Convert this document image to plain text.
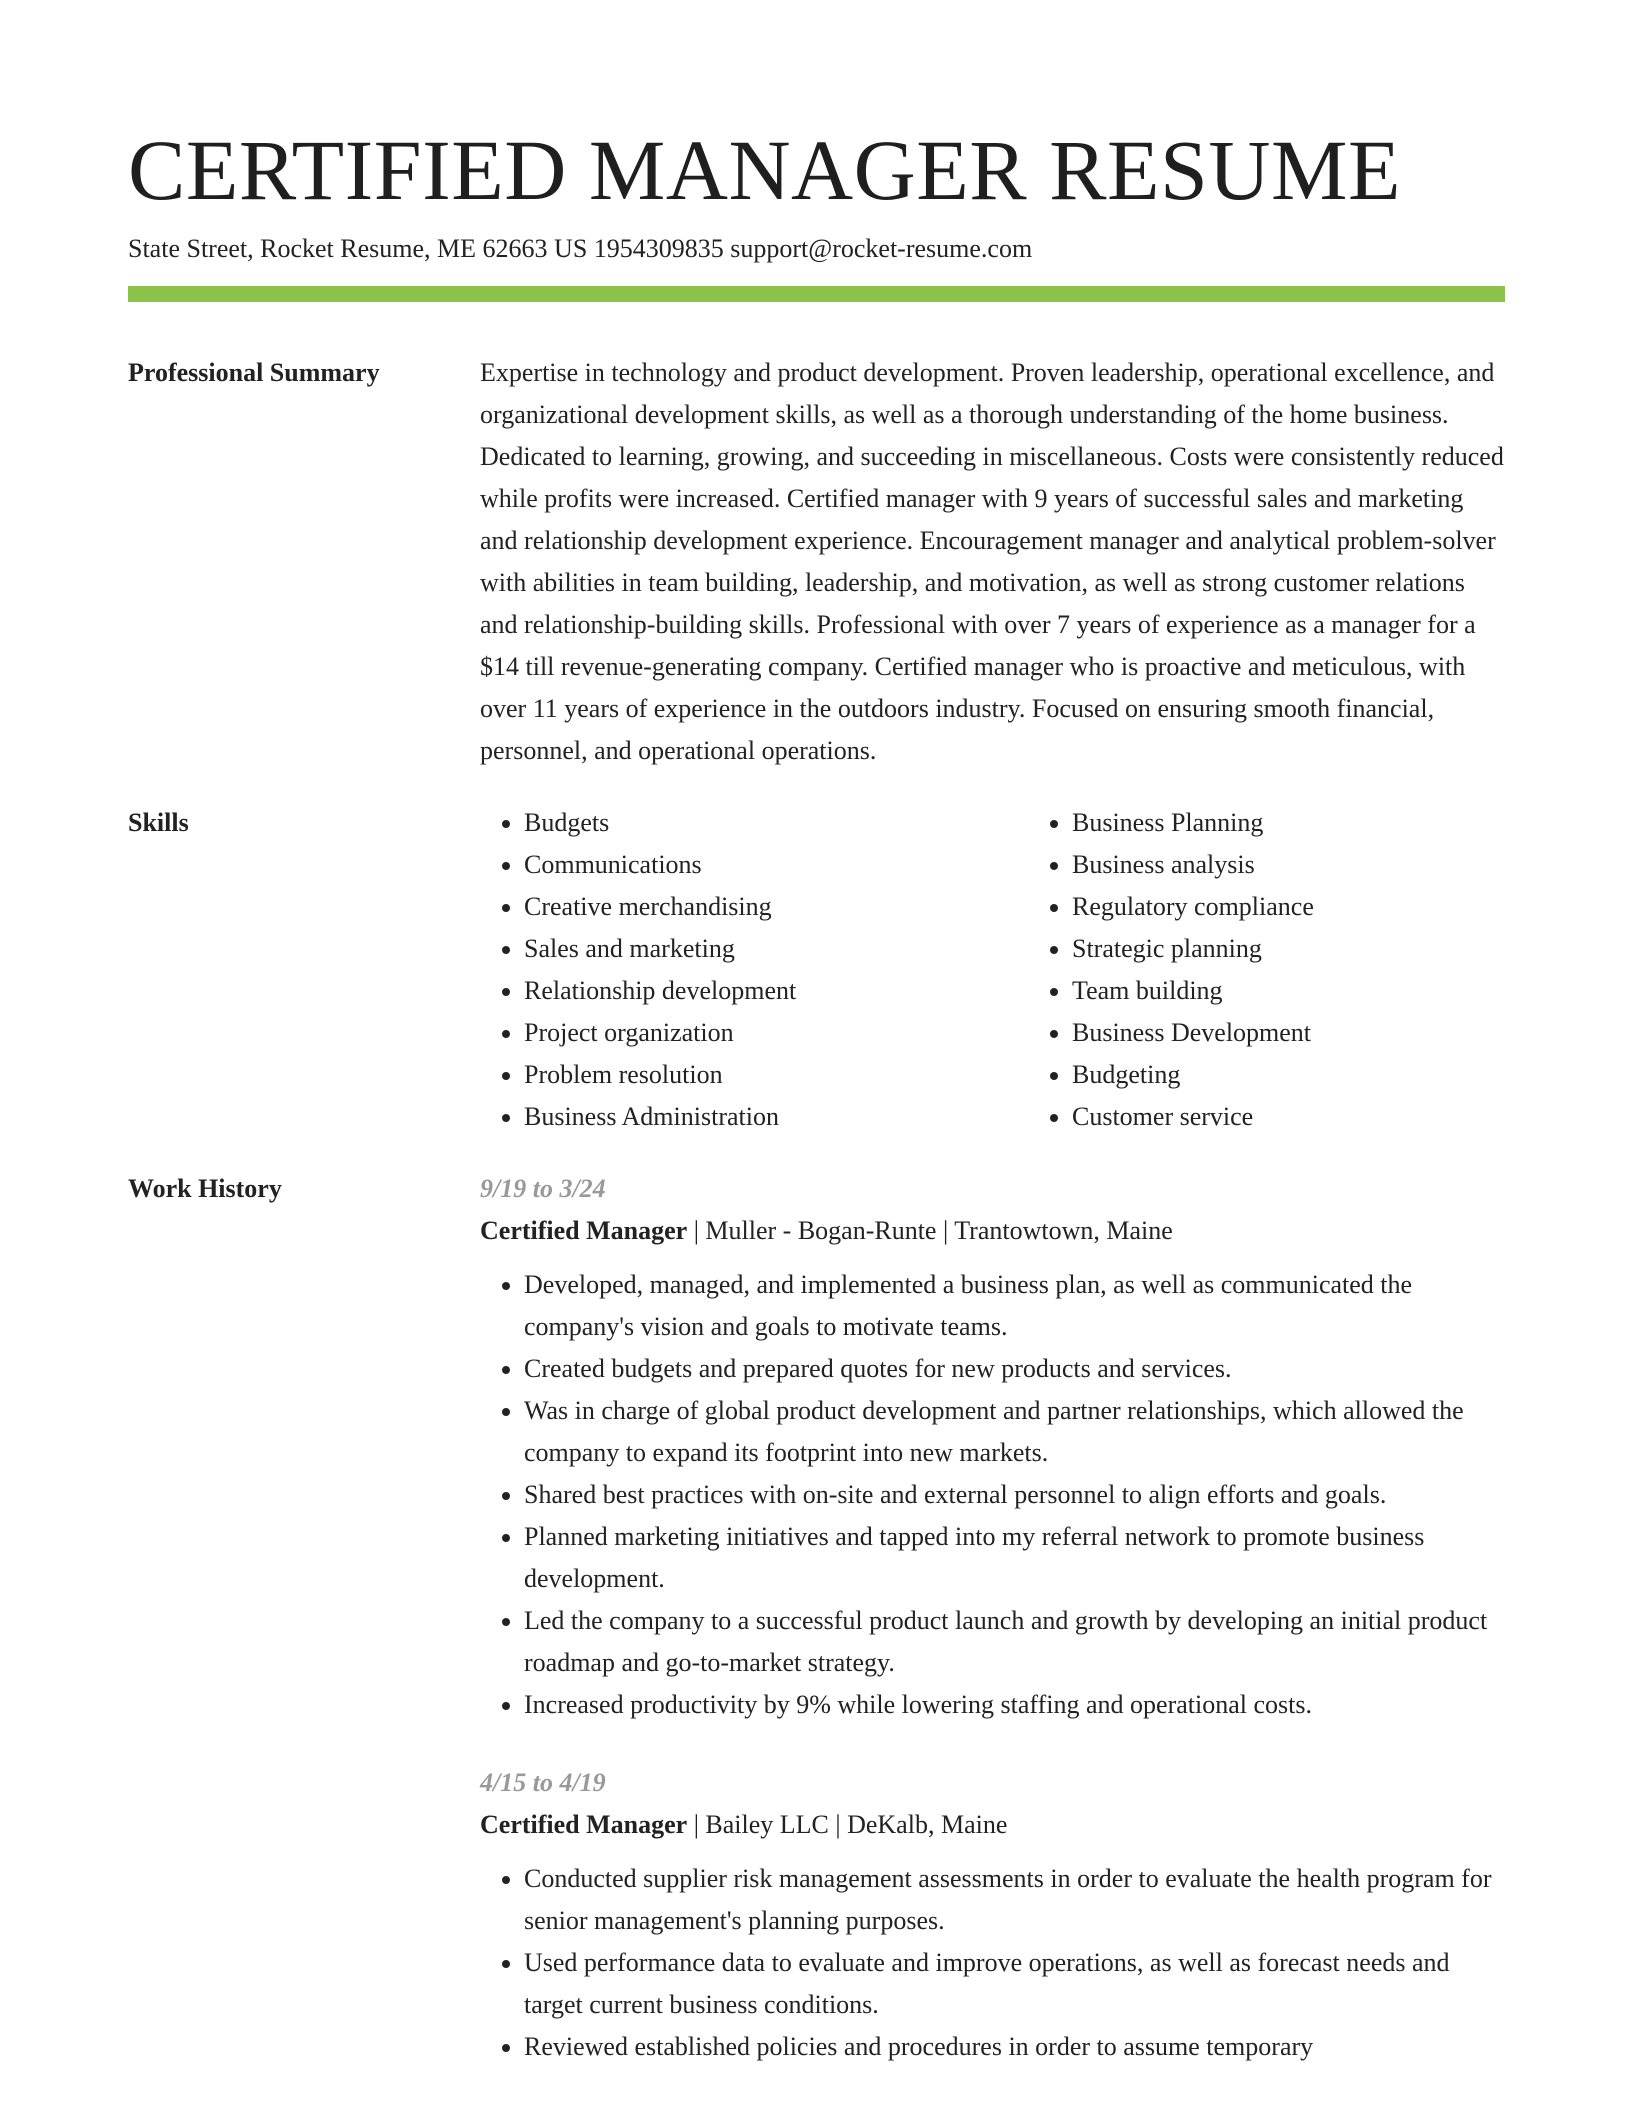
CERTIFIED MANAGER RESUME
State Street, Rocket Resume, ME 62663 US 1954309835 support@rocket-resume.com
Professional Summary	Expertise in technology and product development. Proven leadership, operational excellence, and organizational development skills, as well as a thorough understanding of the home business. Dedicated to learning, growing, and succeeding in miscellaneous. Costs were consistently reduced while profits were increased. Certified manager with 9 years of successful sales and marketing and relationship development experience. Encouragement manager and analytical problem-solver with abilities in team building, leadership, and motivation, as well as strong customer relations and relationship-building skills. Professional with over 7 years of experience as a manager for a $14 till revenue-generating company. Certified manager who is proactive and meticulous, with over 11 years of experience in the outdoors industry. Focused on ensuring smooth financial, personnel, and operational operations.

Skills
•	Budgets
• Communications
• Creative merchandising
• Sales and marketing
• Relationship development
• Project organization
• Problem resolution
• Business Administration
• Business Planning
• Business analysis
• Regulatory compliance
• Strategic planning
• Team building
• Business Development
• Budgeting
• Customer service
Work History	9/19 to 3/24
Certified Manager | Muller - Bogan-Runte | Trantowtown, Maine
• Developed, managed, and implemented a business plan, as well as communicated the company's vision and goals to motivate teams.
• Created budgets and prepared quotes for new products and services.
• Was in charge of global product development and partner relationships, which allowed the company to expand its footprint into new markets.
• Shared best practices with on-site and external personnel to align efforts and goals.
• Planned marketing initiatives and tapped into my referral network to promote business development.
• Led the company to a successful product launch and growth by developing an initial product roadmap and go-to-market strategy.
• Increased productivity by 9% while lowering staffing and operational costs.
4/15 to 4/19
Certified Manager | Bailey LLC | DeKalb, Maine
• Conducted supplier risk management assessments in order to evaluate the health program for senior management's planning purposes.
• Used performance data to evaluate and improve operations, as well as forecast needs and target current business conditions.
• Reviewed established policies and procedures in order to assume temporary
